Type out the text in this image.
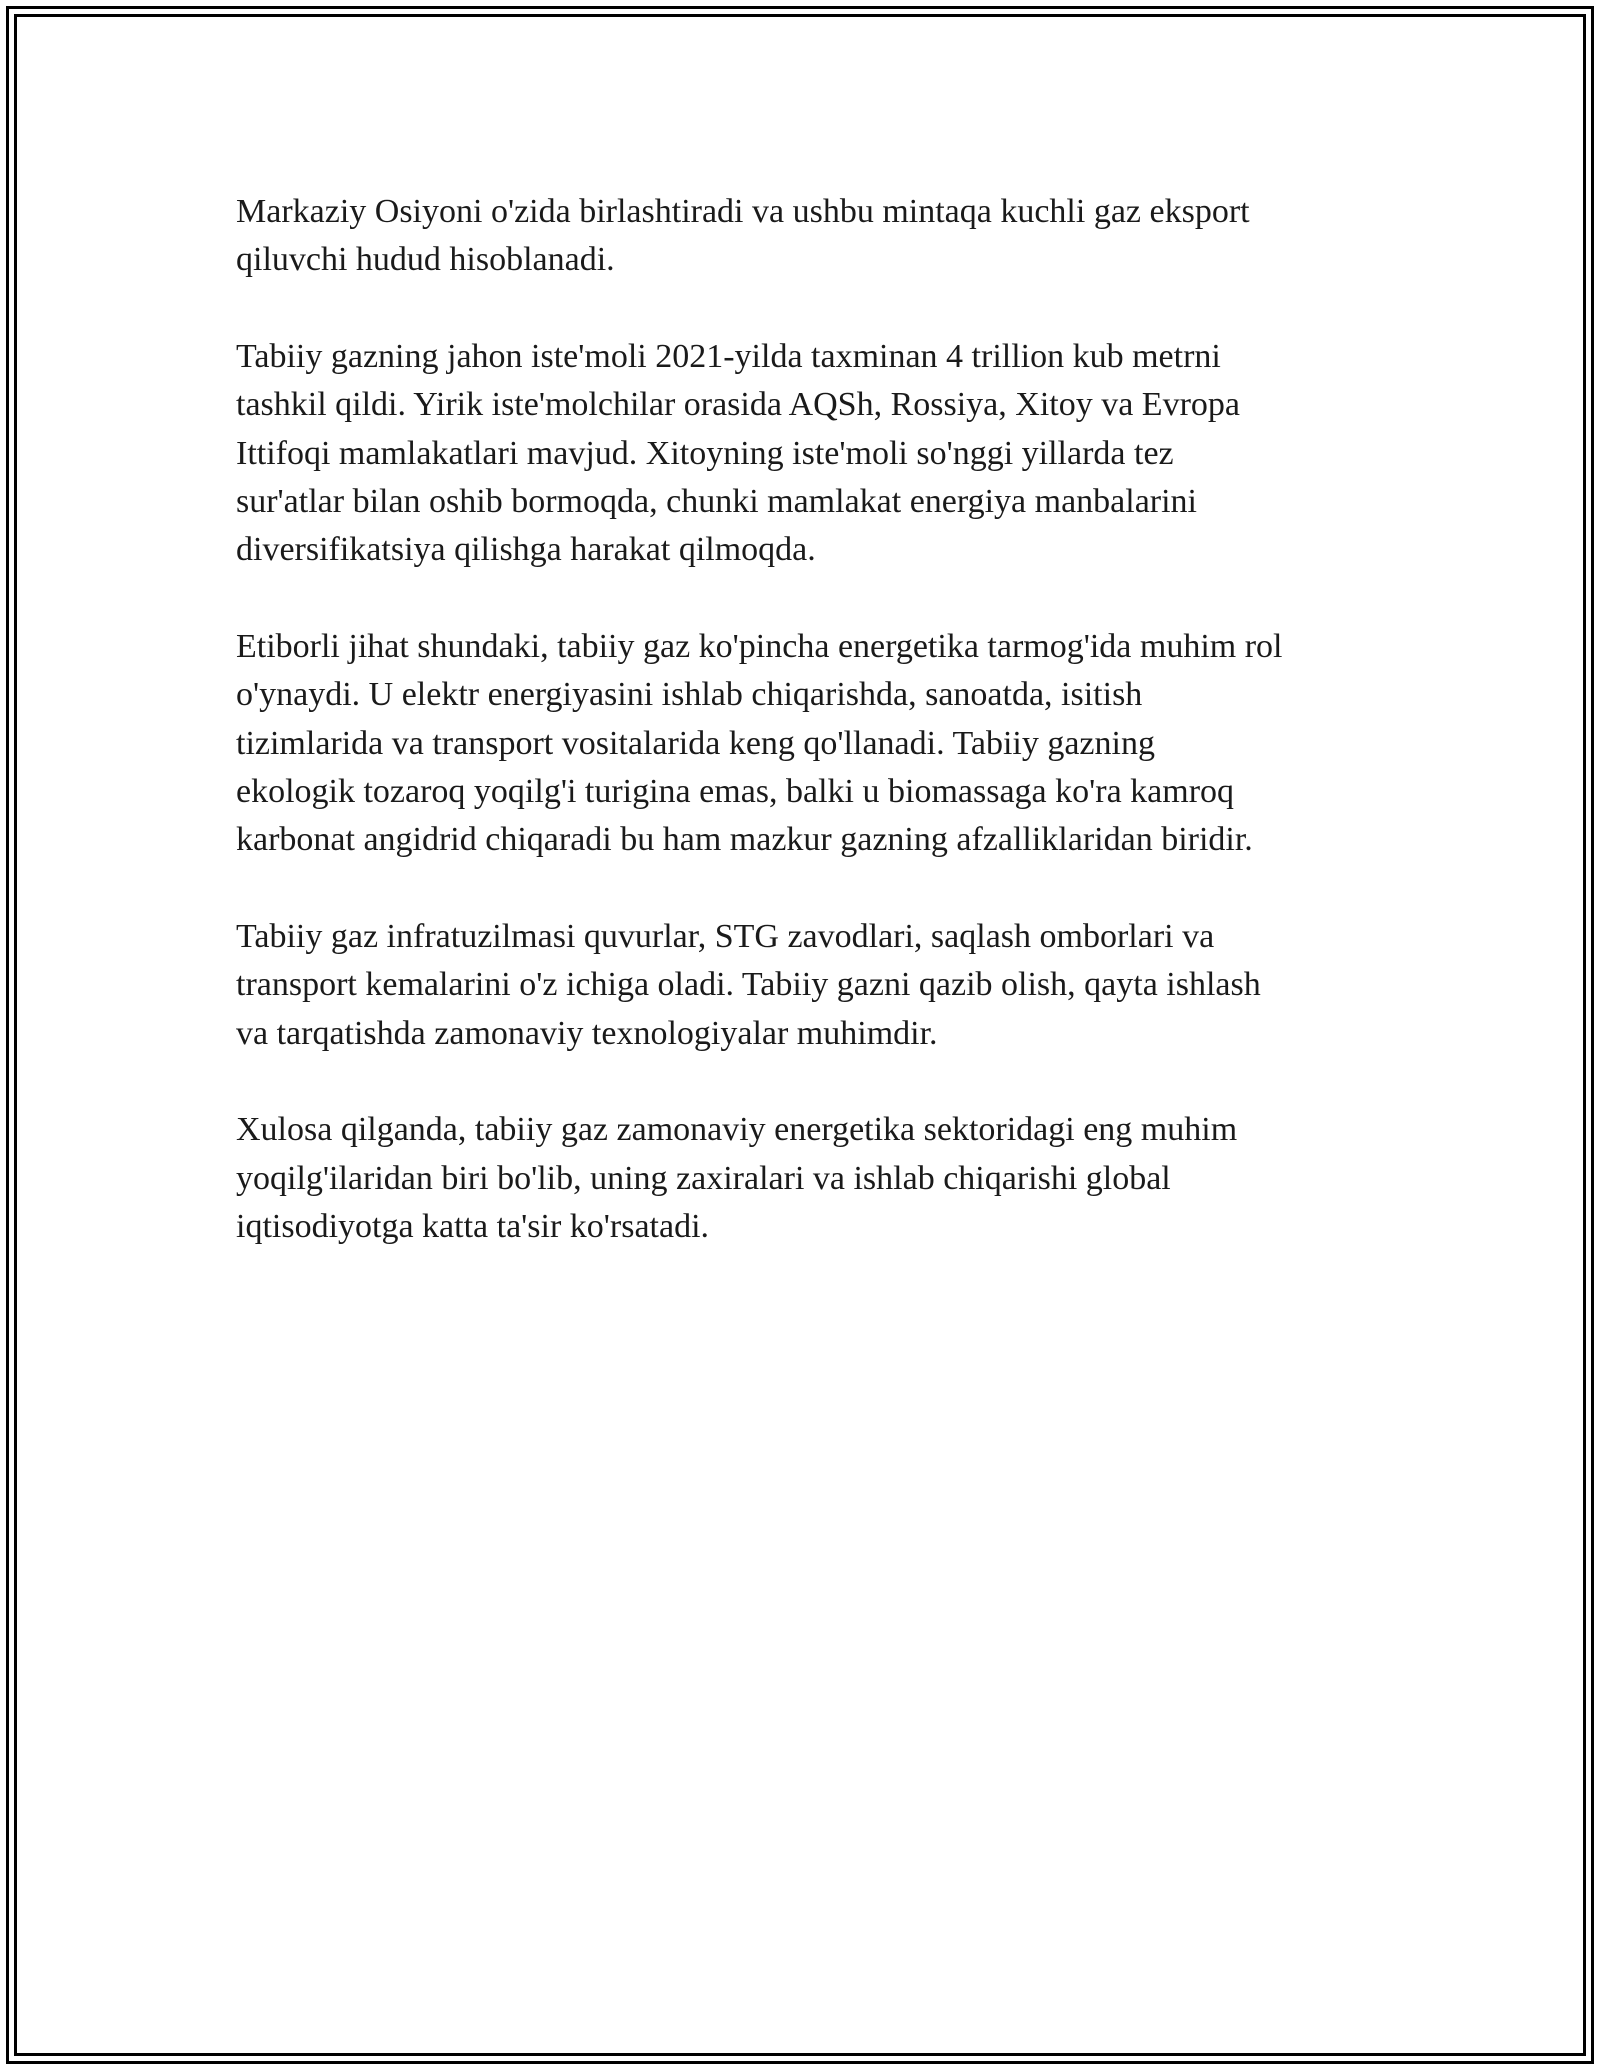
Markaziy Osiyoni o'zida birlashtiradi va ushbu mintaqa kuchli gaz eksport
qiluvchi hudud hisoblanadi.

Tabiiy gazning jahon iste'moli 2021-yilda taxminan 4 trillion kub metrni
tashkil qildi. Yirik iste'molchilar orasida AQSh, Rossiya, Xitoy va Evropa
Ittifoqi mamlakatlari mavjud. Xitoyning iste'moli so'nggi yillarda tez
sur'atlar bilan oshib bormoqda, chunki mamlakat energiya manbalarini
diversifikatsiya qilishga harakat qilmoqda.

Etiborli jihat shundaki, tabiiy gaz ko'pincha energetika tarmog'ida muhim rol
o'ynaydi. U elektr energiyasini ishlab chiqarishda, sanoatda, isitish
tizimlarida va transport vositalarida keng qo'llanadi. Tabiiy gazning
ekologik tozaroq yoqilg'i turigina emas, balki u biomassaga ko'ra kamroq
karbonat angidrid chiqaradi bu ham mazkur gazning afzalliklaridan biridir.

Tabiiy gaz infratuzilmasi quvurlar, STG zavodlari, saqlash omborlari va
transport kemalarini o'z ichiga oladi. Tabiiy gazni qazib olish, qayta ishlash
va tarqatishda zamonaviy texnologiyalar muhimdir.

Xulosa qilganda, tabiiy gaz zamonaviy energetika sektoridagi eng muhim
yoqilg'ilaridan biri bo'lib, uning zaxiralari va ishlab chiqarishi global
iqtisodiyotga katta ta'sir ko'rsatadi.
